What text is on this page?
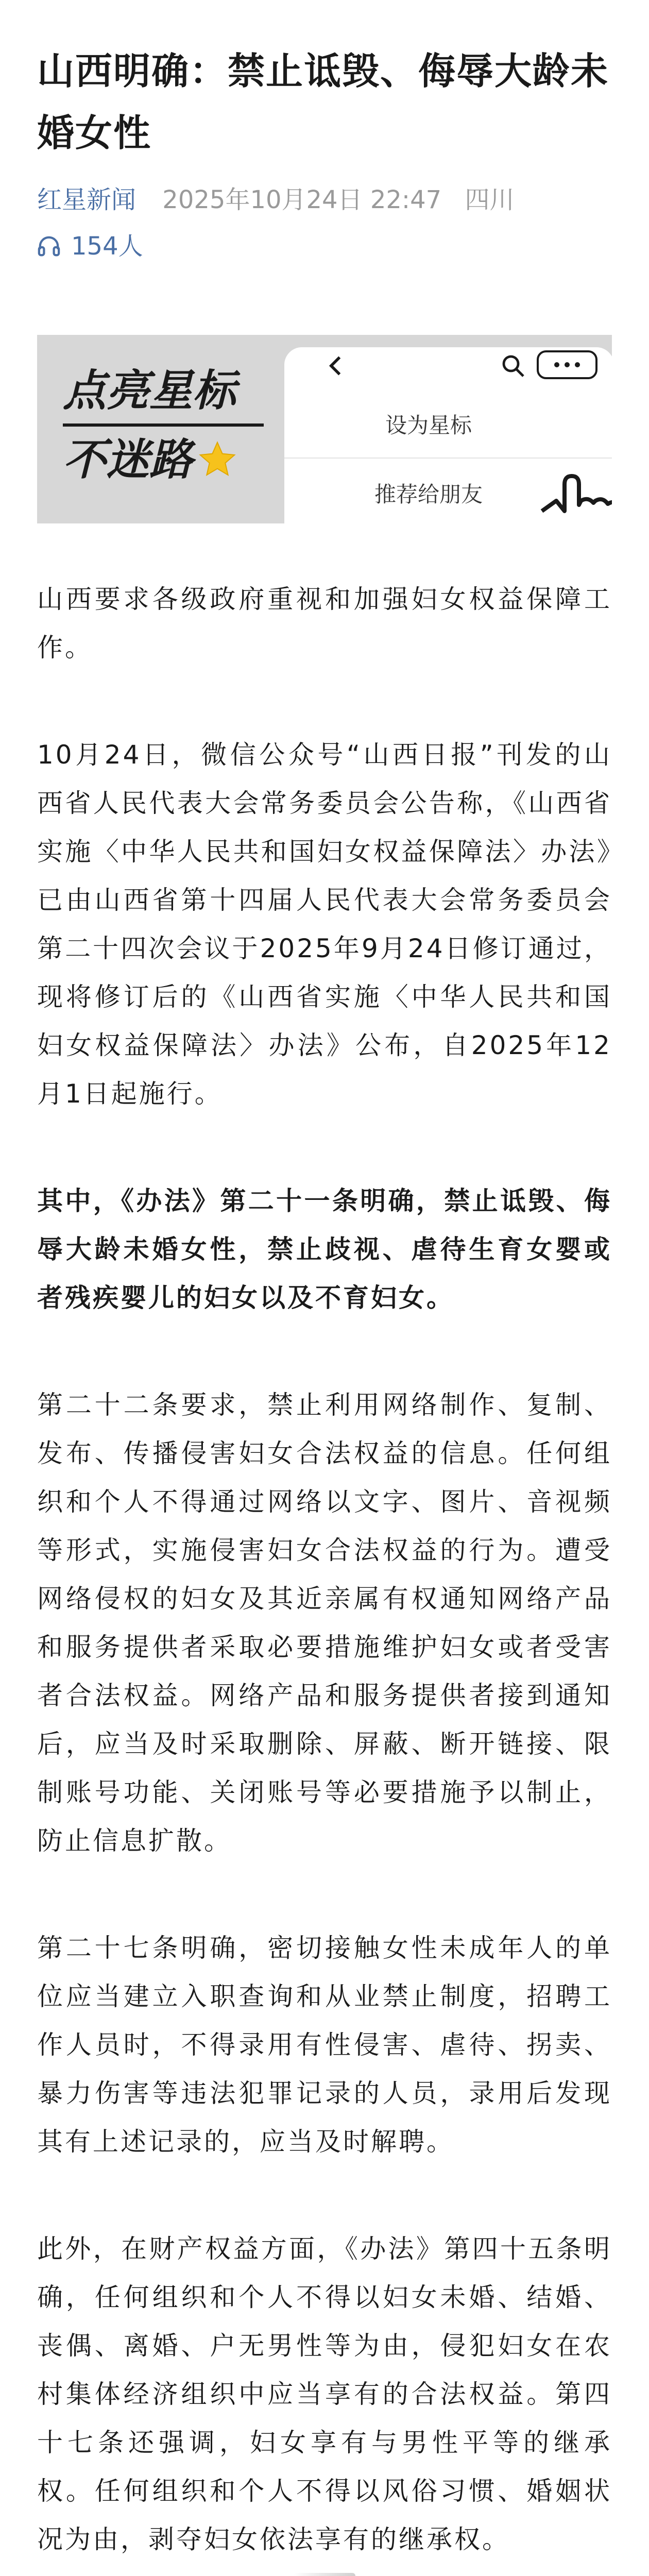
山西明确：禁止诋毁、侮辱大龄未婚女性
红星新闻 2025年10月24日 22:47 四川
154人
点亮星标
不迷路
设为星标
推荐给朋友

山西要求各级政府重视和加强妇女权益保障工作。

10月24日，微信公众号“山西日报”刊发的山西省人民代表大会常务委员会公告称，《山西省实施〈中华人民共和国妇女权益保障法〉办法》已由山西省第十四届人民代表大会常务委员会第二十四次会议于2025年9月24日修订通过，现将修订后的《山西省实施〈中华人民共和国妇女权益保障法〉办法》公布，自2025年12月1日起施行。

其中，《办法》第二十一条明确，禁止诋毁、侮辱大龄未婚女性，禁止歧视、虐待生育女婴或者残疾婴儿的妇女以及不育妇女。

第二十二条要求，禁止利用网络制作、复制、发布、传播侵害妇女合法权益的信息。任何组织和个人不得通过网络以文字、图片、音视频等形式，实施侵害妇女合法权益的行为。遭受网络侵权的妇女及其近亲属有权通知网络产品和服务提供者采取必要措施维护妇女或者受害者合法权益。网络产品和服务提供者接到通知后，应当及时采取删除、屏蔽、断开链接、限制账号功能、关闭账号等必要措施予以制止，防止信息扩散。

第二十七条明确，密切接触女性未成年人的单位应当建立入职查询和从业禁止制度，招聘工作人员时，不得录用有性侵害、虐待、拐卖、暴力伤害等违法犯罪记录的人员，录用后发现其有上述记录的，应当及时解聘。

此外，在财产权益方面，《办法》第四十五条明确，任何组织和个人不得以妇女未婚、结婚、丧偶、离婚、户无男性等为由，侵犯妇女在农村集体经济组织中应当享有的合法权益。第四十七条还强调，妇女享有与男性平等的继承权。任何组织和个人不得以风俗习惯、婚姻状况为由，剥夺妇女依法享有的继承权。
